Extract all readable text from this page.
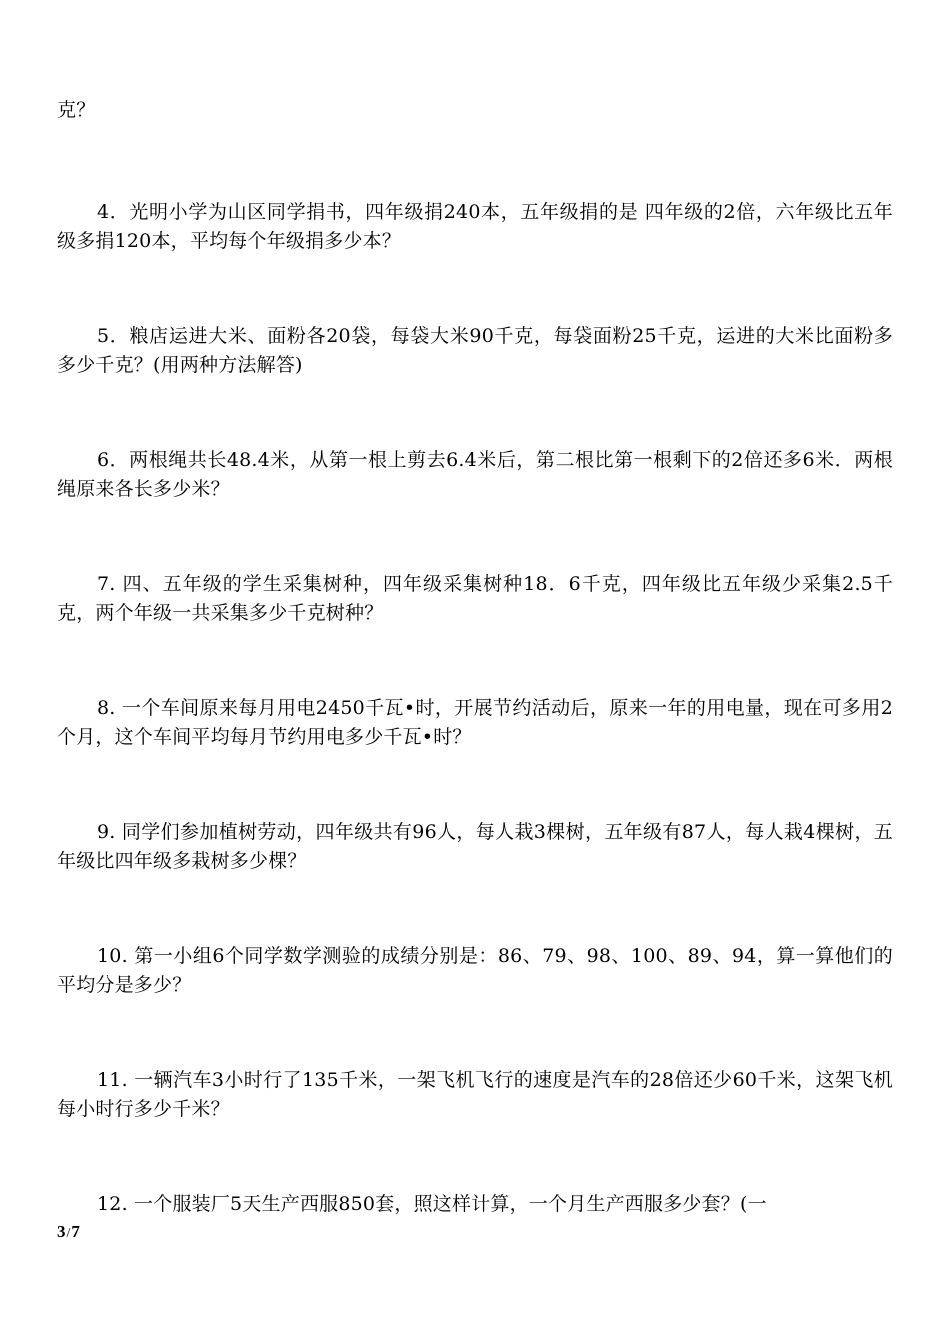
克？

4．光明小学为山区同学捐书，四年级捐240本，五年级捐的是 四年级的2倍，六年级比五年级多捐120本，平均每个年级捐多少本？

5．粮店运进大米、面粉各20袋，每袋大米90千克，每袋面粉25千克，运进的大米比面粉多多少千克？(用两种方法解答)

6．两根绳共长48.4米，从第一根上剪去6.4米后，第二根比第一根剩下的2倍还多6米．两根绳原来各长多少米？

7. 四、五年级的学生采集树种，四年级采集树种18．6千克，四年级比五年级少采集2.5千克，两个年级一共采集多少千克树种？

8. 一个车间原来每月用电2450千瓦•时，开展节约活动后，原来一年的用电量，现在可多用2个月，这个车间平均每月节约用电多少千瓦•时？

9. 同学们参加植树劳动，四年级共有96人，每人栽3棵树，五年级有87人，每人栽4棵树，五年级比四年级多栽树多少棵？

10. 第一小组6个同学数学测验的成绩分别是：86、79、98、100、89、94，算一算他们的平均分是多少？

11. 一辆汽车3小时行了135千米，一架飞机飞行的速度是汽车的28倍还少60千米，这架飞机每小时行多少千米？

12. 一个服装厂5天生产西服850套，照这样计算，一个月生产西服多少套？(一

3/7
